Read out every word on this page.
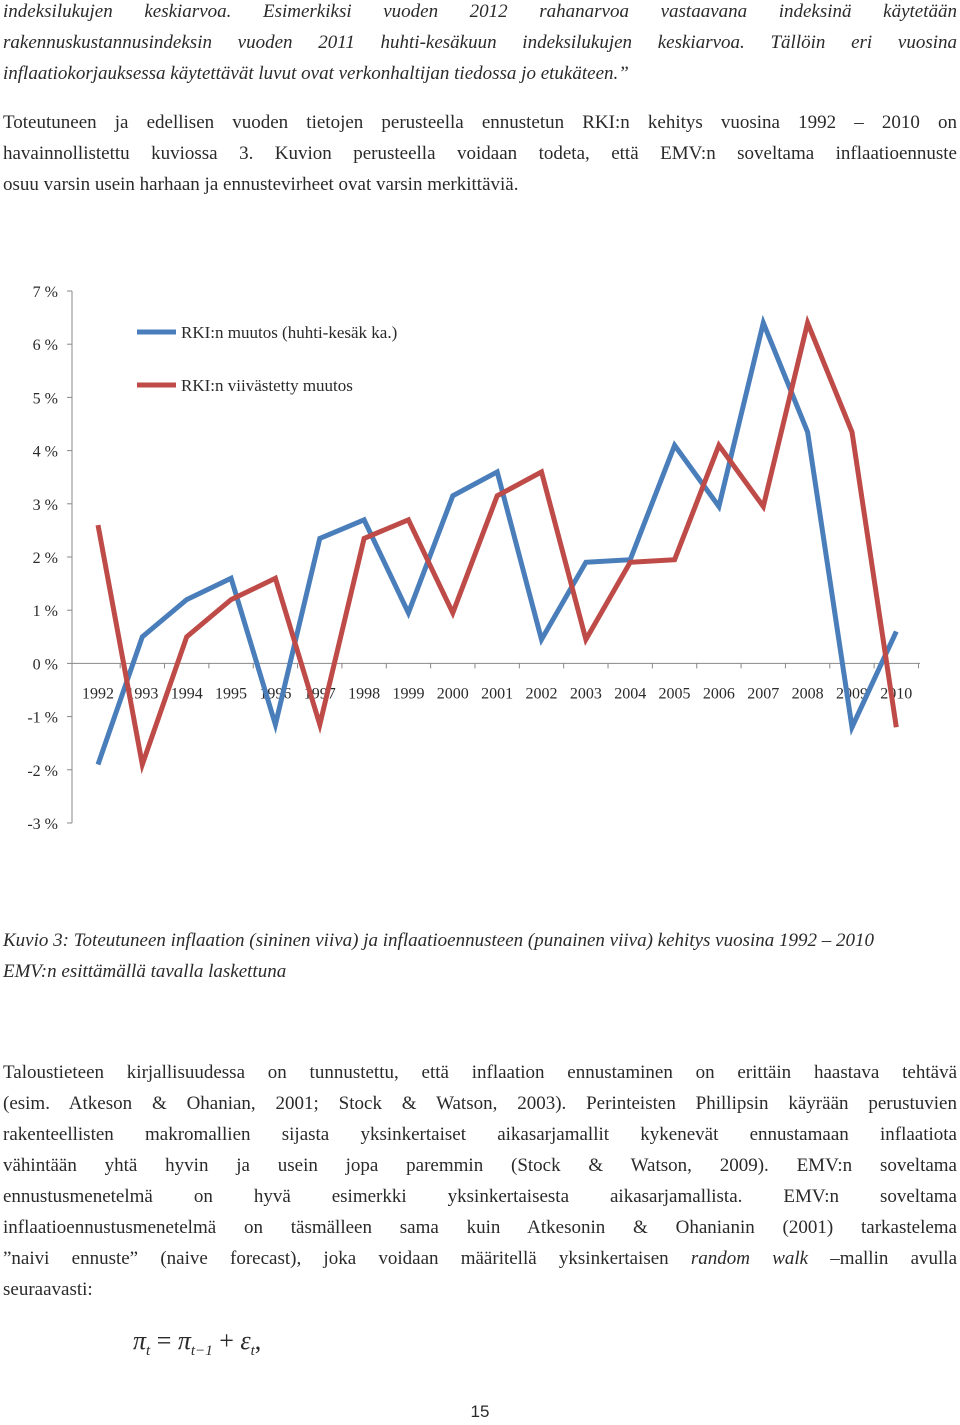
indeksilukujen keskiarvoa. Esimerkiksi vuoden 2012 rahanarvoa vastaavana indeksinä käytetään
rakennuskustannusindeksin vuoden 2011 huhti-kesäkuun indeksilukujen keskiarvoa. Tällöin eri vuosina
inflaatiokorjauksessa käytettävät luvut ovat verkonhaltijan tiedossa jo etukäteen.”
Toteutuneen ja edellisen vuoden tietojen perusteella ennustetun RKI:n kehitys vuosina 1992 – 2010 on
havainnollistettu kuviossa 3. Kuvion perusteella voidaan todeta, että EMV:n soveltama inflaatioennuste
osuu varsin usein harhaan ja ennustevirheet ovat varsin merkittäviä.
7 %
6 %
5 %
4 %
3 %
2 %
1 %
0 %
-1 %
-2 %
-3 %
1992 1993 1994 1995 1996 1997 1998 1999 2000 2001 2002 2003 2004 2005 2006 2007 2008 2009 2010
RKI:n muutos (huhti-kesäk ka.)
RKI:n viivästetty muutos
Kuvio 3: Toteutuneen inflaation (sininen viiva) ja inflaatioennusteen (punainen viiva) kehitys vuosina 1992 – 2010
EMV:n esittämällä tavalla laskettuna
Taloustieteen kirjallisuudessa on tunnustettu, että inflaation ennustaminen on erittäin haastava tehtävä
(esim. Atkeson & Ohanian, 2001; Stock & Watson, 2003). Perinteisten Phillipsin käyrään perustuvien
rakenteellisten makromallien sijasta yksinkertaiset aikasarjamallit kykenevät ennustamaan inflaatiota
vähintään yhtä hyvin ja usein jopa paremmin (Stock & Watson, 2009). EMV:n soveltama
ennustusmenetelmä on hyvä esimerkki yksinkertaisesta aikasarjamallista. EMV:n soveltama
inflaatioennustusmenetelmä on täsmälleen sama kuin Atkesonin & Ohanianin (2001) tarkastelema
”naivi ennuste” (naive forecast), joka voidaan määritellä yksinkertaisen random walk –mallin avulla
seuraavasti:
$\pi_t = \pi_{t-1} + \varepsilon_t$,
15
